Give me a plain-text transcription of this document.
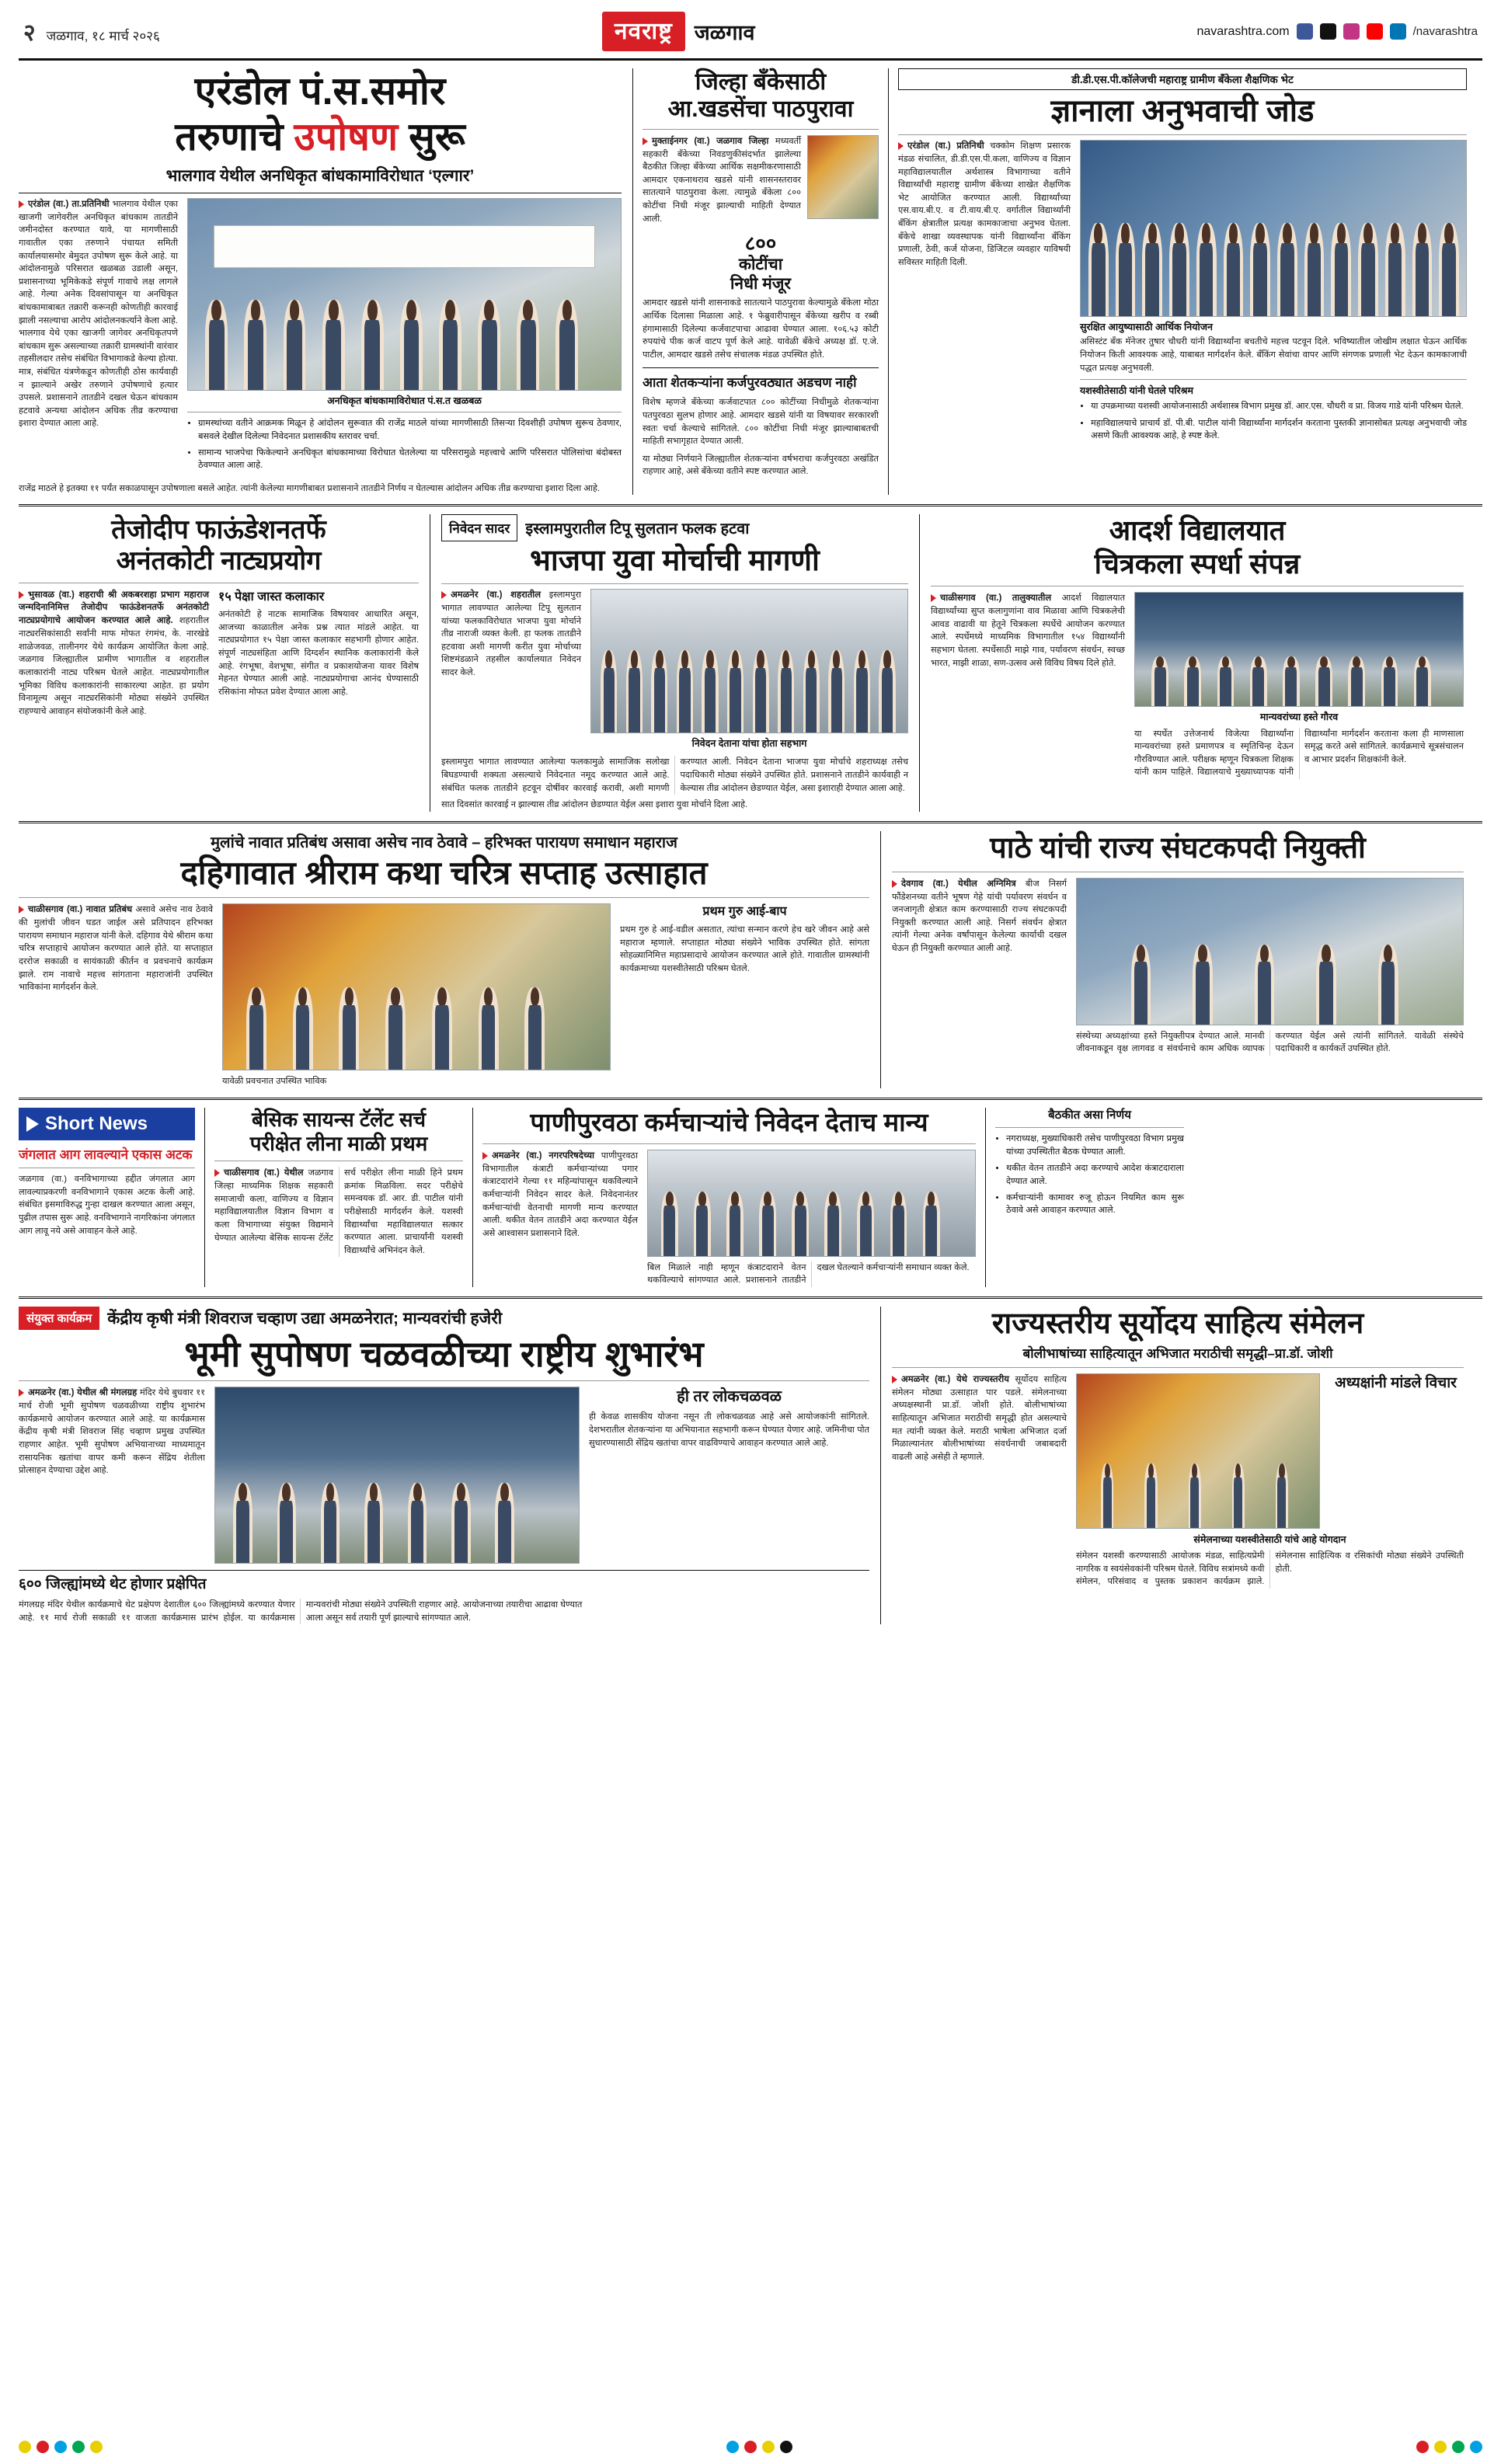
२ जळगाव, १८ मार्च २०२६	नवराष्ट्र	जळगाव	navarashtra.com	/navarashtra
एरंडोल पं.स.समोर
तरुणाचे उपोषण सुरू
भालगाव येथील अनधिकृत बांधकामाविरोधात ‘एल्गार’
एरंडोल (वा.) ता.प्रतिनिधी भालगाव येथील एका खाजगी जागेवरील अनधिकृत बांधकाम तातडीने जमीनदोस्त करण्यात यावे, या मागणीसाठी गावातील एका तरुणाने पंचायत समिती कार्यालयासमोर बेमुदत उपोषण सुरू केले आहे. या आंदोलनामुळे परिसरात खळबळ उडाली असून, प्रशासनाच्या भूमिकेकडे संपूर्ण गावाचे लक्ष लागले आहे. गेल्या अनेक दिवसांपासून या अनधिकृत बांधकामाबाबत तक्रारी करूनही कोणतीही कारवाई झाली नसल्याचा आरोप आंदोलनकर्त्याने केला आहे. भालगाव येथे एका खाजगी जागेवर अनधिकृतपणे बांधकाम सुरू असल्याच्या तक्रारी ग्रामस्थांनी वारंवार तहसीलदार तसेच संबंधित विभागाकडे केल्या होत्या. मात्र, संबंधित यंत्रणेकडून कोणतीही ठोस कार्यवाही न झाल्याने अखेर तरुणाने उपोषणाचे हत्यार उपसले. प्रशासनाने तातडीने दखल घेऊन बांधकाम हटवावे अन्यथा आंदोलन अधिक तीव्र करण्याचा इशारा देण्यात आला आहे.
अनधिकृत बांधकामाविरोधात पं.स.त खळबळ
• ग्रामस्थांच्या वतीने आक्रमक मिळून हे आंदोलन सुरूवात की राजेंद्र माठले यांच्या मागणीसाठी तिसऱ्या दिवशीही उपोषण सुरूच ठेवणार, बसवले देखील दिलेल्या निवेदनात प्रशासकीय स्तरावर चर्चा.
• सामान्य भाजपेचा फिकेल्याने अनधिकृत बांधकामाच्या विरोधात घेतलेल्या या परिसरामुळे महत्त्वाचे आणि परिसरात पोलिसांचा बंदोबस्त ठेवण्यात आला आहे.
राजेंद्र माठले हे इतक्या ११ पर्यंत सकाळपासून उपोषणाला बसले आहेत. त्यांनी केलेल्या मागणीबाबत प्रशासनाने तातडीने निर्णय न घेतल्यास आंदोलन अधिक तीव्र करण्याचा इशारा दिला आहे.
जिल्हा बँकेसाठी
आ.खडसेंचा पाठपुरावा
मुक्ताईनगर (वा.) जळगाव जिल्हा मध्यवर्ती सहकारी बँकेच्या निवडणुकीसंदर्भात झालेल्या बैठकीत जिल्हा बँकेच्या आर्थिक सक्षमीकरणासाठी आमदार एकनाथराव खडसे यांनी शासनस्तरावर सातत्याने पाठपुरावा केला. त्यामुळे बँकेला ८०० कोटींचा निधी मंजूर झाल्याची माहिती देण्यात आली.
८००
कोटींचा
निधी मंजूर
आमदार खडसे यांनी शासनाकडे सातत्याने पाठपुरावा केल्यामुळे बँकेला मोठा आर्थिक दिलासा मिळाला आहे. १ फेब्रुवारीपासून बँकेच्या खरीप व रब्बी हंगामासाठी दिलेल्या कर्जवाटपाचा आढावा घेण्यात आला. १०६.५३ कोटी रुपयांचे पीक कर्ज वाटप पूर्ण केले आहे. यावेळी बँकेचे अध्यक्ष डॉ. ए.जे. पाटील, आमदार खडसे तसेच संचालक मंडळ उपस्थित होते.
आता शेतकऱ्यांना कर्जपुरवठ्यात अडचण नाही
विशेष म्हणजे बँकेच्या कर्जवाटपात ८०० कोटींच्या निधीमुळे शेतकऱ्यांना पतपुरवठा सुलभ होणार आहे. आमदार खडसे यांनी या विषयावर सरकारशी स्वतः चर्चा केल्याचे सांगितले. ८०० कोटींचा निधी मंजूर झाल्याबाबतची माहिती सभागृहात देण्यात आली.
या मोठ्या निर्णयाने जिल्ह्यातील शेतकऱ्यांना वर्षभराचा कर्जपुरवठा अखंडित राहणार आहे, असे बँकेच्या वतीने स्पष्ट करण्यात आले.
डी.डी.एस.पी.कॉलेजची महाराष्ट्र ग्रामीण बँकेला शैक्षणिक भेट
ज्ञानाला अनुभवाची जोड
एरंडोल (वा.) प्रतिनिधी चक्कोम शिक्षण प्रसारक मंडळ संचालित, डी.डी.एस.पी.कला, वाणिज्य व विज्ञान महाविद्यालयातील अर्थशास्त्र विभागाच्या वतीने विद्यार्थ्यांची महाराष्ट्र ग्रामीण बँकेच्या शाखेत शैक्षणिक भेट आयोजित करण्यात आली. विद्यार्थ्यांच्या एस.वाय.बी.ए. व टी.वाय.बी.ए. वर्गातील विद्यार्थ्यांनी बँकिंग क्षेत्रातील प्रत्यक्ष कामकाजाचा अनुभव घेतला. बँकेचे शाखा व्यवस्थापक यांनी विद्यार्थ्यांना बँकिंग प्रणाली, ठेवी, कर्ज योजना, डिजिटल व्यवहार याविषयी सविस्तर माहिती दिली.
सुरक्षित आयुष्यासाठी आर्थिक नियोजन
असिस्टंट बँक मॅनेजर तुषार चौधरी यांनी विद्यार्थ्यांना बचतीचे महत्त्व पटवून दिले. भविष्यातील जोखीम लक्षात घेऊन आर्थिक नियोजन किती आवश्यक आहे, याबाबत मार्गदर्शन केले. बँकिंग सेवांचा वापर आणि संगणक प्रणाली भेट देऊन कामकाजाची पद्धत प्रत्यक्ष अनुभवली.
यशस्वीतेसाठी यांनी घेतले परिश्रम
• या उपक्रमाच्या यशस्वी आयोजनासाठी अर्थशास्त्र विभाग प्रमुख डॉ. आर.एस. चौधरी व प्रा. विजय गाडे यांनी परिश्रम घेतले.
• महाविद्यालयाचे प्राचार्य डॉ. पी.बी. पाटील यांनी विद्यार्थ्यांना मार्गदर्शन करताना पुस्तकी ज्ञानासोबत प्रत्यक्ष अनुभवाची जोड असणे किती आवश्यक आहे, हे स्पष्ट केले.
तेजोदीप फाऊंडेशनतर्फे
अनंतकोटी नाट्यप्रयोग
भुसावळ (वा.) शहराची श्री अकबरशहा प्रभाग महाराज जन्मदिनानिमित्त तेजोदीप फाऊंडेशनतर्फे अनंतकोटी नाट्यप्रयोगाचे आयोजन करण्यात आले आहे. शहरातील नाट्यरसिकांसाठी सर्वांनी माफ मोफत रंगमंच, के. नारखेडे शाळेजवळ, तालीनगर येथे कार्यक्रम आयोजित केला आहे. जळगाव जिल्ह्यातील प्रामीण भागातील व शहरातील कलाकारांनी नाट्य परिश्रम घेतले आहेत. नाट्यप्रयोगातील भूमिका विविध कलाकारांनी साकारल्या आहेत. हा प्रयोग विनामूल्य असून नाट्यरसिकांनी मोठ्या संख्येने उपस्थित राहण्याचे आवाहन संयोजकांनी केले आहे.
१५ पेक्षा जास्त कलाकार
अनंतकोटी हे नाटक सामाजिक विषयावर आधारित असून, आजच्या काळातील अनेक प्रश्न त्यात मांडले आहेत. या नाट्यप्रयोगात १५ पेक्षा जास्त कलाकार सहभागी होणार आहेत. संपूर्ण नाट्यसंहिता आणि दिग्दर्शन स्थानिक कलाकारांनी केले आहे. रंगभूषा, वेशभूषा, संगीत व प्रकाशयोजना यावर विशेष मेहनत घेण्यात आली आहे. नाट्यप्रयोगाचा आनंद घेण्यासाठी रसिकांना मोफत प्रवेश देण्यात आला आहे.
निवेदन सादर	इस्लामपुरातील टिपू सुलतान फलक हटवा
भाजपा युवा मोर्चाची मागणी
अमळनेर (वा.) शहरातील इस्लामपुरा भागात लावण्यात आलेल्या टिपू सुलतान यांच्या फलकाविरोधात भाजपा युवा मोर्चाने तीव्र नाराजी व्यक्त केली. हा फलक तातडीने हटवावा अशी मागणी करीत युवा मोर्चाच्या शिष्टमंडळाने तहसील कार्यालयात निवेदन सादर केले.
निवेदन देताना यांचा होता सहभाग
इस्लामपुरा भागात लावण्यात आलेल्या फलकामुळे सामाजिक सलोखा बिघडण्याची शक्यता असल्याचे निवेदनात नमूद करण्यात आले आहे. संबंधित फलक तातडीने हटवून दोषींवर कारवाई करावी, अशी मागणी करण्यात आली. निवेदन देताना भाजपा युवा मोर्चाचे शहराध्यक्ष तसेच पदाधिकारी मोठ्या संख्येने उपस्थित होते. प्रशासनाने तातडीने कार्यवाही न केल्यास तीव्र आंदोलन छेडण्यात येईल, असा इशाराही देण्यात आला आहे.
सात दिवसांत कारवाई न झाल्यास तीव्र आंदोलन छेडण्यात येईल असा इशारा युवा मोर्चाने दिला आहे.
आदर्श विद्यालयात
चित्रकला स्पर्धा संपन्न
चाळीसगाव (वा.) तालुक्यातील आदर्श विद्यालयात विद्यार्थ्यांच्या सुप्त कलागुणांना वाव मिळावा आणि चित्रकलेची आवड वाढावी या हेतूने चित्रकला स्पर्धेचे आयोजन करण्यात आले. स्पर्धेमध्ये माध्यमिक विभागातील १५४ विद्यार्थ्यांनी सहभाग घेतला. स्पर्धेसाठी माझे गाव, पर्यावरण संवर्धन, स्वच्छ भारत, माझी शाळा, सण-उत्सव असे विविध विषय दिले होते.
मान्यवरांच्या हस्ते गौरव
या स्पर्धेत उत्तेजनार्थ विजेत्या विद्यार्थ्यांना मान्यवरांच्या हस्ते प्रमाणपत्र व स्मृतिचिन्ह देऊन गौरविण्यात आले. परीक्षक म्हणून चित्रकला शिक्षक यांनी काम पाहिले. विद्यालयाचे मुख्याध्यापक यांनी विद्यार्थ्यांना मार्गदर्शन करताना कला ही माणसाला समृद्ध करते असे सांगितले. कार्यक्रमाचे सूत्रसंचालन व आभार प्रदर्शन शिक्षकांनी केले.
मुलांचे नावात प्रतिबंध असावा असेच नाव ठेवावे – हरिभक्त पारायण समाधान महाराज
दहिगावात श्रीराम कथा चरित्र सप्ताह उत्साहात
चाळीसगाव (वा.) नावात प्रतिबंध असावे असेच नाव ठेवावे की मुलांची जीवन घडत जाईल असे प्रतिपादन हरिभक्त पारायण समाधान महाराज यांनी केले. दहिगाव येथे श्रीराम कथा चरित्र सप्ताहाचे आयोजन करण्यात आले होते. या सप्ताहात दररोज सकाळी व सायंकाळी कीर्तन व प्रवचनाचे कार्यक्रम झाले. राम नावाचे महत्त्व सांगताना महाराजांनी उपस्थित भाविकांना मार्गदर्शन केले.
यावेळी प्रवचनात उपस्थित भाविक
प्रथम गुरु आई-बाप
प्रथम गुरु हे आई-वडील असतात, त्यांचा सन्मान करणे हेच खरे जीवन आहे असे महाराज म्हणाले. सप्ताहात मोठ्या संख्येने भाविक उपस्थित होते. सांगता सोहळ्यानिमित्त महाप्रसादाचे आयोजन करण्यात आले होते. गावातील ग्रामस्थांनी कार्यक्रमाच्या यशस्वीतेसाठी परिश्रम घेतले.
पाठे यांची राज्य संघटकपदी नियुक्ती
देवगाव (वा.) येथील अग्निमित्र बीज निसर्ग फौंडेशनच्या वतीने भूषण गेहे यांची पर्यावरण संवर्धन व जनजागृती क्षेत्रात काम करण्यासाठी राज्य संघटकपदी नियुक्ती करण्यात आली आहे. निसर्ग संवर्धन क्षेत्रात त्यांनी गेल्या अनेक वर्षांपासून केलेल्या कार्याची दखल घेऊन ही नियुक्ती करण्यात आली आहे.
संस्थेच्या अध्यक्षांच्या हस्ते नियुक्तीपत्र देण्यात आले. मानवी जीवनाकडून वृक्ष लागवड व संवर्धनाचे काम अधिक व्यापक करण्यात येईल असे त्यांनी सांगितले. यावेळी संस्थेचे पदाधिकारी व कार्यकर्ते उपस्थित होते.
Short News
जंगलात आग लावल्याने एकास अटक
जळगाव (वा.) वनविभागाच्या हद्दीत जंगलात आग लावल्याप्रकरणी वनविभागाने एकास अटक केली आहे. संबंधित इसमाविरुद्ध गुन्हा दाखल करण्यात आला असून, पुढील तपास सुरू आहे. वनविभागाने नागरिकांना जंगलात आग लावू नये असे आवाहन केले आहे.
बेसिक सायन्स टॅलेंट सर्च
परीक्षेत लीना माळी प्रथम
चाळीसगाव (वा.) येथील जळगाव जिल्हा माध्यमिक शिक्षक सहकारी समाजाची कला, वाणिज्य व विज्ञान महाविद्यालयातील विज्ञान विभाग व कला विभागाच्या संयुक्त विद्यमाने घेण्यात आलेल्या बेसिक सायन्स टॅलेंट सर्च परीक्षेत लीना माळी हिने प्रथम क्रमांक मिळविला. सदर परीक्षेचे समन्वयक डॉ. आर. डी. पाटील यांनी परीक्षेसाठी मार्गदर्शन केले. यशस्वी विद्यार्थ्यांचा महाविद्यालयात सत्कार करण्यात आला. प्राचार्यांनी यशस्वी विद्यार्थ्यांचे अभिनंदन केले.
पाणीपुरवठा कर्मचाऱ्यांचे निवेदन देताच मान्य
अमळनेर (वा.) नगरपरिषदेच्या पाणीपुरवठा विभागातील कंत्राटी कर्मचाऱ्यांच्या पगार कंत्राटदारांने गेल्या ११ महिन्यांपासून थकविल्याने कर्मचाऱ्यांनी निवेदन सादर केले. निवेदनानंतर कर्मचाऱ्यांची वेतनाची मागणी मान्य करण्यात आली. थकीत वेतन तातडीने अदा करण्यात येईल असे आश्वासन प्रशासनाने दिले.
बिल मिळाले नाही म्हणून कंत्राटदाराने वेतन थकविल्याचे सांगण्यात आले. प्रशासनाने तातडीने दखल घेतल्याने कर्मचाऱ्यांनी समाधान व्यक्त केले.
बैठकीत असा निर्णय
• नगराध्यक्ष, मुख्याधिकारी तसेच पाणीपुरवठा विभाग प्रमुख यांच्या उपस्थितीत बैठक घेण्यात आली.
• थकीत वेतन तातडीने अदा करण्याचे आदेश कंत्राटदाराला देण्यात आले.
• कर्मचाऱ्यांनी कामावर रुजू होऊन नियमित काम सुरू ठेवावे असे आवाहन करण्यात आले.
संयुक्त कार्यक्रम केंद्रीय कृषी मंत्री शिवराज चव्हाण उद्या अमळनेरात; मान्यवरांची हजेरी
भूमी सुपोषण चळवळीच्या राष्ट्रीय शुभारंभ
अमळनेर (वा.) येथील श्री मंगलग्रह मंदिर येथे बुधवार ११ मार्च रोजी भूमी सुपोषण चळवळीच्या राष्ट्रीय शुभारंभ कार्यक्रमाचे आयोजन करण्यात आले आहे. या कार्यक्रमास केंद्रीय कृषी मंत्री शिवराज सिंह चव्हाण प्रमुख उपस्थित राहणार आहेत. भूमी सुपोषण अभियानाच्या माध्यमातून रासायनिक खतांचा वापर कमी करून सेंद्रिय शेतीला प्रोत्साहन देण्याचा उद्देश आहे.
ही तर लोकचळवळ
ही केवळ शासकीय योजना नसून ती लोकचळवळ आहे असे आयोजकांनी सांगितले. देशभरातील शेतकऱ्यांना या अभियानात सहभागी करून घेण्यात येणार आहे. जमिनीचा पोत सुधारण्यासाठी सेंद्रिय खतांचा वापर वाढविण्याचे आवाहन करण्यात आले आहे.
६०० जिल्ह्यांमध्ये थेट होणार प्रक्षेपित
मंगलग्रह मंदिर येथील कार्यक्रमाचे थेट प्रक्षेपण देशातील ६०० जिल्ह्यांमध्ये करण्यात येणार आहे. ११ मार्च रोजी सकाळी ११ वाजता कार्यक्रमास प्रारंभ होईल. या कार्यक्रमास मान्यवरांची मोठ्या संख्येने उपस्थिती राहणार आहे. आयोजनाच्या तयारीचा आढावा घेण्यात आला असून सर्व तयारी पूर्ण झाल्याचे सांगण्यात आले.
राज्यस्तरीय सूर्योदय साहित्य संमेलन
बोलीभाषांच्या साहित्यातून अभिजात मराठीची समृद्धी–प्रा.डॉ. जोशी
अमळनेर (वा.) येथे राज्यस्तरीय सूर्योदय साहित्य संमेलन मोठ्या उत्साहात पार पडले. संमेलनाच्या अध्यक्षस्थानी प्रा.डॉ. जोशी होते. बोलीभाषांच्या साहित्यातून अभिजात मराठीची समृद्धी होत असल्याचे मत त्यांनी व्यक्त केले. मराठी भाषेला अभिजात दर्जा मिळाल्यानंतर बोलीभाषांच्या संवर्धनाची जबाबदारी वाढली आहे असेही ते म्हणाले.
अध्यक्षांनी मांडले विचार
संमेलनाच्या यशस्वीतेसाठी यांचे आहे योगदान
संमेलन यशस्वी करण्यासाठी आयोजक मंडळ, साहित्यप्रेमी नागरिक व स्वयंसेवकांनी परिश्रम घेतले. विविध सत्रांमध्ये कवी संमेलन, परिसंवाद व पुस्तक प्रकाशन कार्यक्रम झाले. संमेलनास साहित्यिक व रसिकांची मोठ्या संख्येने उपस्थिती होती.
